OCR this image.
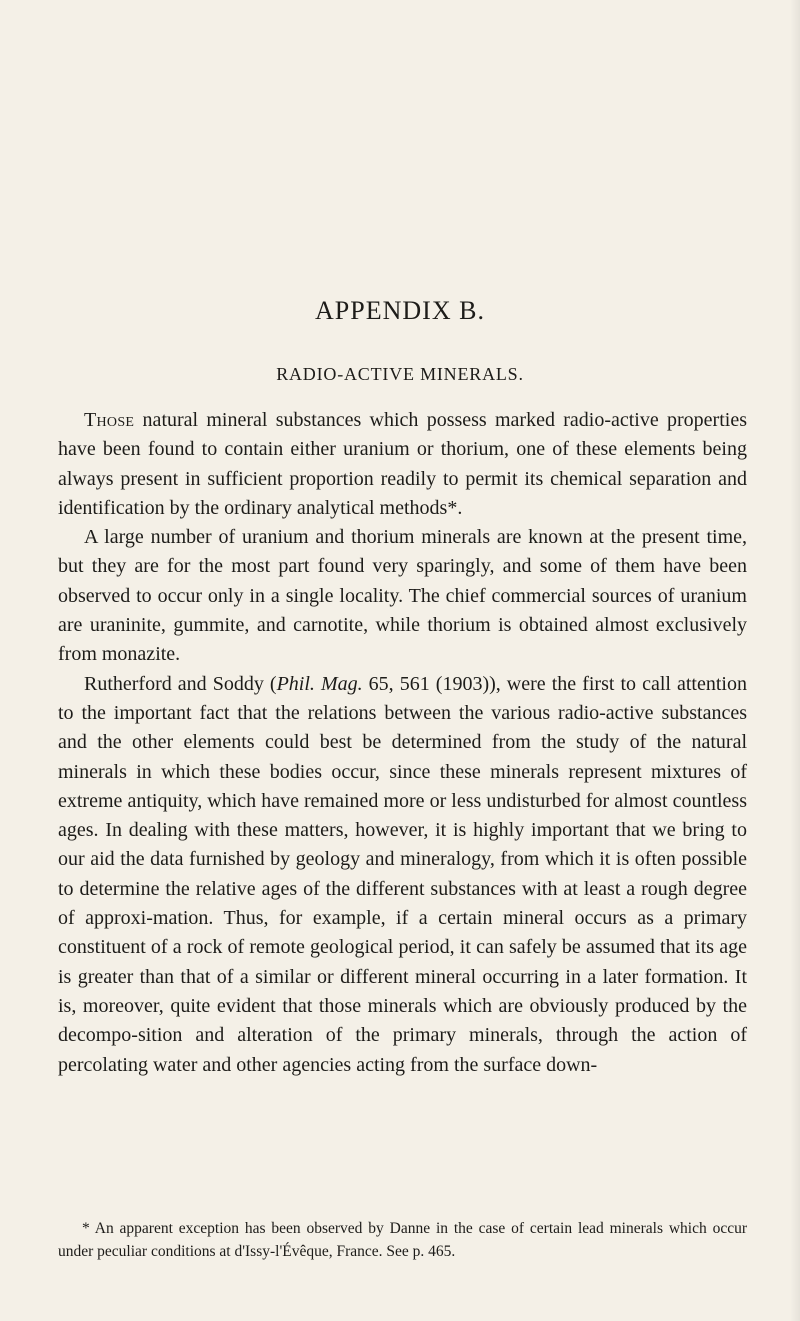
APPENDIX B.
RADIO-ACTIVE MINERALS.

Those natural mineral substances which possess marked radio-active properties have been found to contain either uranium or thorium, one of these elements being always present in sufficient proportion readily to permit its chemical separation and identification by the ordinary analytical methods*.

A large number of uranium and thorium minerals are known at the present time, but they are for the most part found very sparingly, and some of them have been observed to occur only in a single locality. The chief commercial sources of uranium are uraninite, gummite, and carnotite, while thorium is obtained almost exclusively from monazite.

Rutherford and Soddy (Phil. Mag. 65, 561 (1903)), were the first to call attention to the important fact that the relations between the various radio-active substances and the other elements could best be determined from the study of the natural minerals in which these bodies occur, since these minerals represent mixtures of extreme antiquity, which have remained more or less undisturbed for almost countless ages. In dealing with these matters, however, it is highly important that we bring to our aid the data furnished by geology and mineralogy, from which it is often possible to determine the relative ages of the different substances with at least a rough degree of approxi-mation. Thus, for example, if a certain mineral occurs as a primary constituent of a rock of remote geological period, it can safely be assumed that its age is greater than that of a similar or different mineral occurring in a later formation. It is, moreover, quite evident that those minerals which are obviously produced by the decompo-sition and alteration of the primary minerals, through the action of percolating water and other agencies acting from the surface down-

* An apparent exception has been observed by Danne in the case of certain lead minerals which occur under peculiar conditions at d'Issy-l'Évêque, France. See p. 465.
